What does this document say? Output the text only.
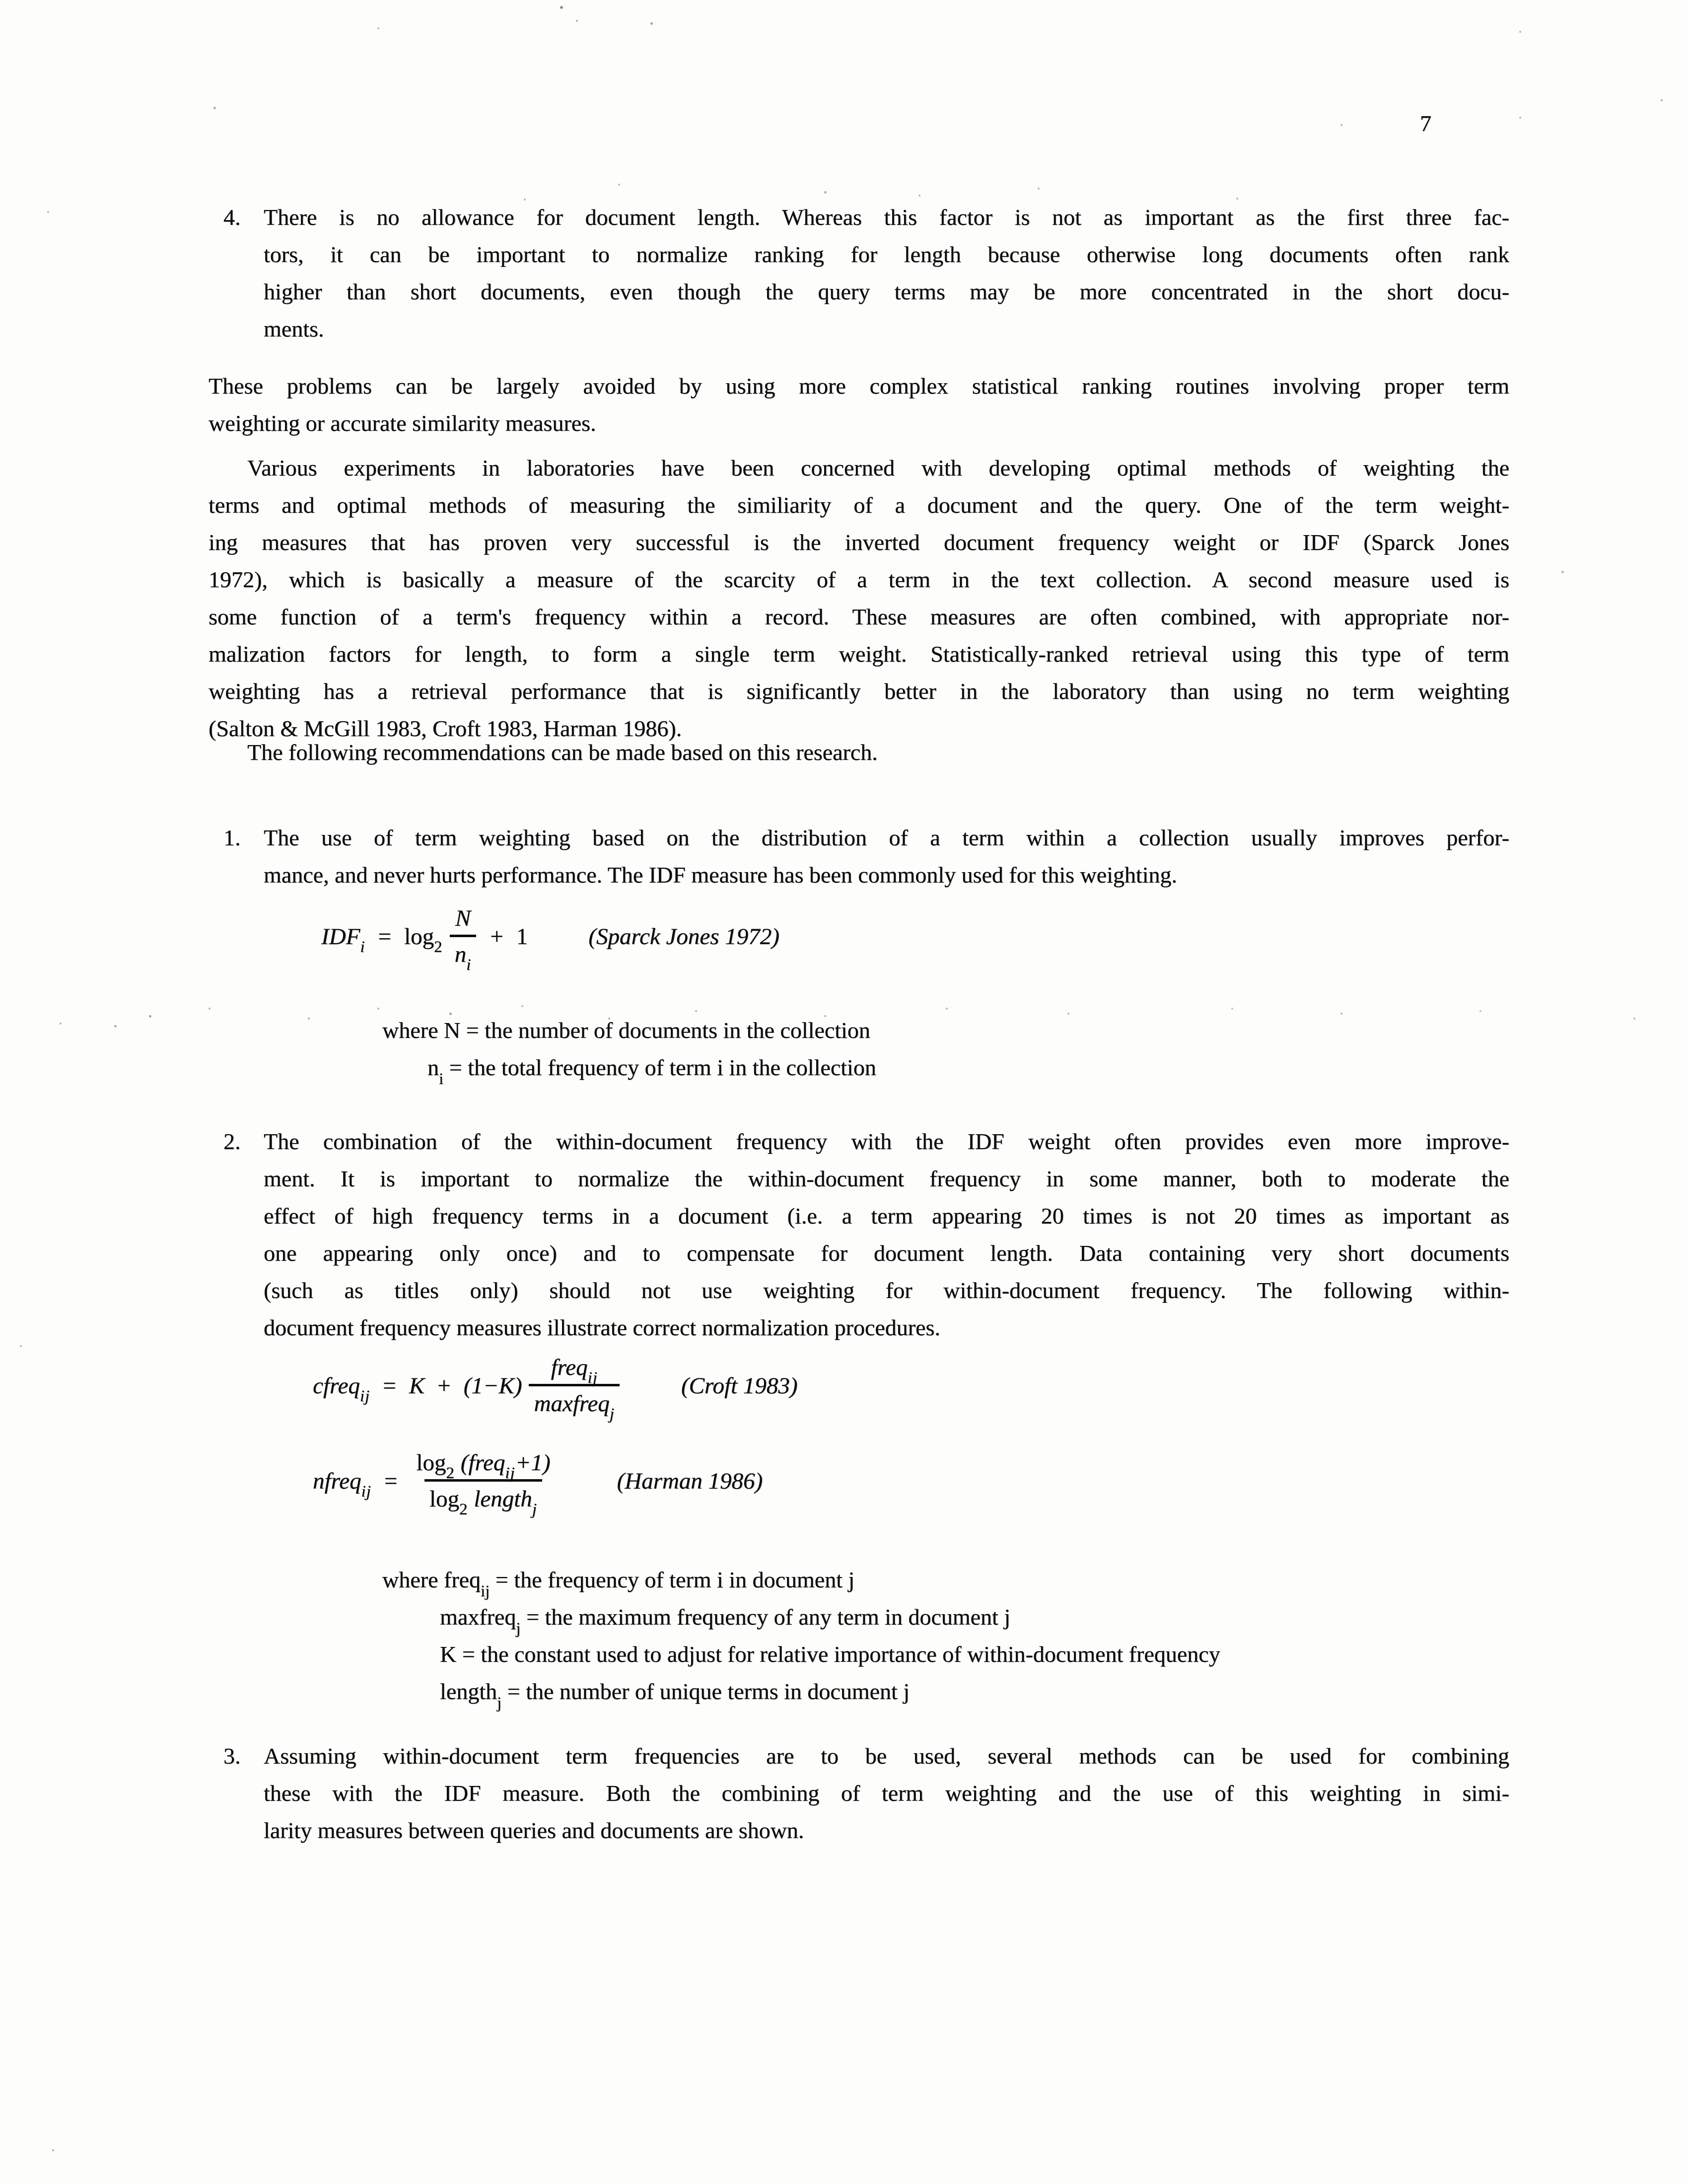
7
4.	There is no allowance for document length. Whereas this factor is not as important as the first three fac-
tors, it can be important to normalize ranking for length because otherwise long documents often rank
higher than short documents, even though the query terms may be more concentrated in the short docu-
ments.
These problems can be largely avoided by using more complex statistical ranking routines involving proper term
weighting or accurate similarity measures.
Various experiments in laboratories have been concerned with developing optimal methods of weighting the
terms and optimal methods of measuring the similiarity of a document and the query. One of the term weight-
ing measures that has proven very successful is the inverted document frequency weight or IDF (Sparck Jones
1972), which is basically a measure of the scarcity of a term in the text collection. A second measure used is
some function of a term's frequency within a record. These measures are often combined, with appropriate nor-
malization factors for length, to form a single term weight. Statistically-ranked retrieval using this type of term
weighting has a retrieval performance that is significantly better in the laboratory than using no term weighting
(Salton & McGill 1983, Croft 1983, Harman 1986).
The following recommendations can be made based on this research.
1.	The use of term weighting based on the distribution of a term within a collection usually improves perfor-
mance, and never hurts performance. The IDF measure has been commonly used for this weighting.
$IDF_i = \log_2 \frac{N}{n_i} + 1$	(Sparck Jones 1972)
where N = the number of documents in the collection
$n_i$ = the total frequency of term i in the collection
2.	The combination of the within-document frequency with the IDF weight often provides even more improve-
ment. It is important to normalize the within-document frequency in some manner, both to moderate the
effect of high frequency terms in a document (i.e. a term appearing 20 times is not 20 times as important as
one appearing only once) and to compensate for document length. Data containing very short documents
(such as titles only) should not use weighting for within-document frequency. The following within-
document frequency measures illustrate correct normalization procedures.
cfreq$_{ij}$ = $K + (1-K) \frac{freq_{ij}}{maxfreq_j}$	(Croft 1983)
nfreq$_{ij}$ = $\frac{\log_2 (freq_{ij}+1)}{\log_2 length_j}$	(Harman 1986)
where freq$_{ij}$ = the frequency of term i in document j
maxfreq$_j$ = the maximum frequency of any term in document j
K = the constant used to adjust for relative importance of within-document frequency
length$_j$ = the number of unique terms in document j
3.	Assuming within-document term frequencies are to be used, several methods can be used for combining
these with the IDF measure. Both the combining of term weighting and the use of this weighting in simi-
larity measures between queries and documents are shown.
